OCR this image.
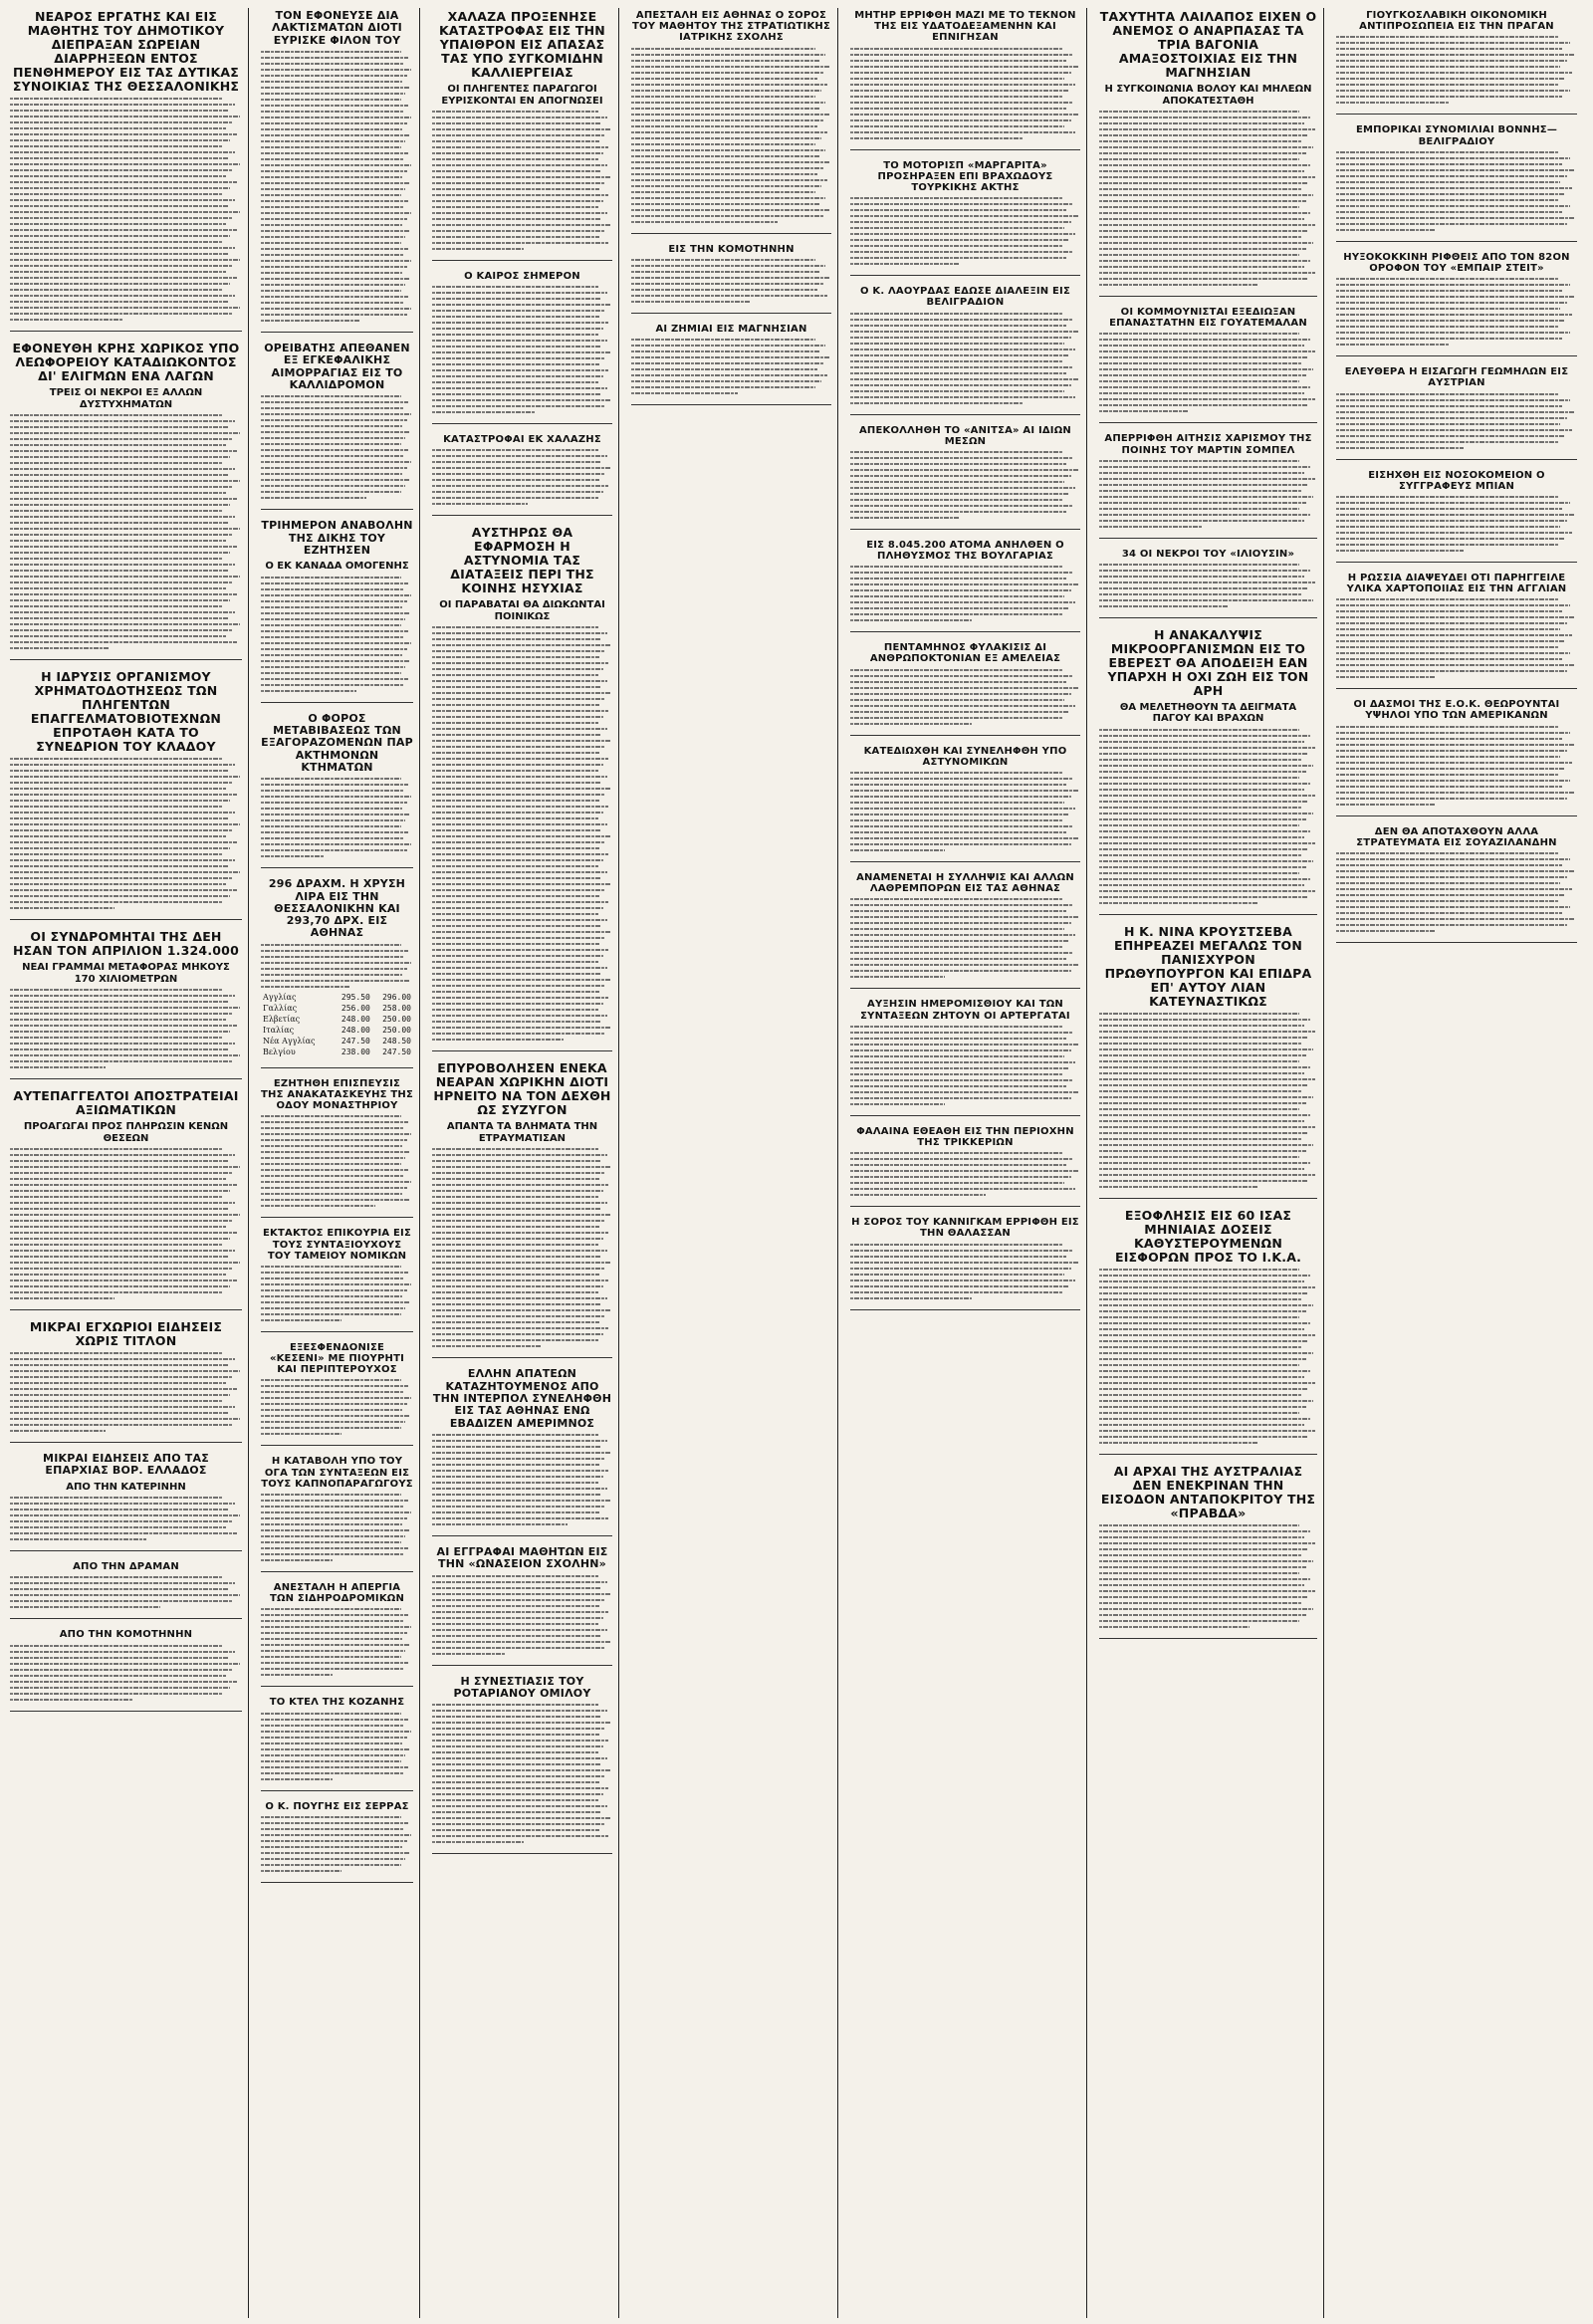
ΝΕΑΡΟΣ ΕΡΓΑΤΗΣ ΚΑΙ ΕΙΣ ΜΑΘΗΤΗΣ ΤΟΥ ΔΗΜΟΤΙΚΟΥ ΔΙΕΠΡΑΞΑΝ ΣΩΡΕΙΑΝ ΔΙΑΡΡΗΞΕΩΝ ΕΝΤΟΣ ΠΕΝΘΗΜΕΡΟΥ ΕΙΣ ΤΑΣ ΔΥΤΙΚΑΣ ΣΥΝΟΙΚΙΑΣ ΤΗΣ ΘΕΣΣΑΛΟΝΙΚΗΣ
ΕΦΟΝΕΥΘΗ ΚΡΗΣ ΧΩΡΙΚΟΣ ΥΠΟ ΛΕΩΦΟΡΕΙΟΥ ΚΑΤΑΔΙΩΚΟΝΤΟΣ ΔΙ' ΕΛΙΓΜΩΝ ΕΝΑ ΛΑΓΩΝ
ΤΡΕΙΣ ΟΙ ΝΕΚΡΟΙ ΕΞ ΑΛΛΩΝ ΔΥΣΤΥΧΗΜΑΤΩΝ
Η ΙΔΡΥΣΙΣ ΟΡΓΑΝΙΣΜΟΥ ΧΡΗΜΑΤΟΔΟΤΗΣΕΩΣ ΤΩΝ ΠΛΗΓΕΝΤΩΝ ΕΠΑΓΓΕΛΜΑΤΟΒΙΟΤΕΧΝΩΝ ΕΠΡΟΤΑΘΗ ΚΑΤΑ ΤΟ ΣΥΝΕΔΡΙΟΝ ΤΟΥ ΚΛΑΔΟΥ
ΟΙ ΣΥΝΔΡΟΜΗΤΑΙ ΤΗΣ ΔΕΗ ΗΣΑΝ ΤΟΝ ΑΠΡΙΛΙΟΝ 1.324.000
ΝΕΑΙ ΓΡΑΜΜΑΙ ΜΕΤΑΦΟΡΑΣ ΜΗΚΟΥΣ 170 ΧΙΛΙΟΜΕΤΡΩΝ
ΑΥΤΕΠΑΓΓΕΛΤΟΙ ΑΠΟΣΤΡΑΤΕΙΑΙ ΑΞΙΩΜΑΤΙΚΩΝ
ΠΡΟΑΓΩΓΑΙ ΠΡΟΣ ΠΛΗΡΩΣΙΝ ΚΕΝΩΝ ΘΕΣΕΩΝ
ΜΙΚΡΑΙ ΕΓΧΩΡΙΟΙ ΕΙΔΗΣΕΙΣ ΧΩΡΙΣ ΤΙΤΛΟΝ
ΜΙΚΡΑΙ ΕΙΔΗΣΕΙΣ ΑΠΟ ΤΑΣ ΕΠΑΡΧΙΑΣ ΒΟΡ. ΕΛΛΑΔΟΣ
ΑΠΟ ΤΗΝ ΚΑΤΕΡΙΝΗΝ
ΑΠΟ ΤΗΝ ΔΡΑΜΑΝ
ΑΠΟ ΤΗΝ ΚΟΜΟΤΗΝΗΝ
ΤΟΝ ΕΦΟΝΕΥΣΕ ΔΙΑ ΛΑΚΤΙΣΜΑΤΩΝ ΔΙΟΤΙ ΕΥΡΙΣΚΕ ΦΙΛΟΝ ΤΟΥ
ΟΡΕΙΒΑΤΗΣ ΑΠΕΘΑΝΕΝ ΕΞ ΕΓΚΕΦΑΛΙΚΗΣ ΑΙΜΟΡΡΑΓΙΑΣ ΕΙΣ ΤΟ ΚΑΛΛΙΔΡΟΜΟΝ
ΤΡΙΗΜΕΡΟΝ ΑΝΑΒΟΛΗΝ ΤΗΣ ΔΙΚΗΣ ΤΟΥ ΕΖΗΤΗΣΕΝ
Ο ΕΚ ΚΑΝΑΔΑ ΟΜΟΓΕΝΗΣ
Ο ΦΟΡΟΣ ΜΕΤΑΒΙΒΑΣΕΩΣ ΤΩΝ ΕΞΑΓΟΡΑΖΟΜΕΝΩΝ ΠΑΡ ΑΚΤΗΜΟΝΩΝ ΚΤΗΜΑΤΩΝ
296 ΔΡΑΧΜ. Η ΧΡΥΣΗ ΛΙΡΑ ΕΙΣ ΤΗΝ ΘΕΣΣΑΛΟΝΙΚΗΝ ΚΑΙ 293,70 ΔΡΧ. ΕΙΣ ΑΘΗΝΑΣ
Αγγλίας	295.50	296.00
Γαλλίας	256.00	258.00
Ελβετίας	248.00	250.00
Ιταλίας	248.00	250.00
Νέα Αγγλίας	247.50	248.50
Βελγίου	238.00	247.50
ΕΖΗΤΗΘΗ ΕΠΙΣΠΕΥΣΙΣ ΤΗΣ ΑΝΑΚΑΤΑΣΚΕΥΗΣ ΤΗΣ ΟΔΟΥ ΜΟΝΑΣΤΗΡΙΟΥ
ΕΚΤΑΚΤΟΣ ΕΠΙΚΟΥΡΙΑ ΕΙΣ ΤΟΥΣ ΣΥΝΤΑΞΙΟΥΧΟΥΣ ΤΟΥ ΤΑΜΕΙΟΥ ΝΟΜΙΚΩΝ
ΕΞΕΣΦΕΝΔΟΝΙΣΕ «ΚΕΣΕΝΙ» ΜΕ ΠΙΟΥΡΗΤΙ ΚΑΙ ΠΕΡΙΠΤΕΡΟΥΧΟΣ
Η ΚΑΤΑΒΟΛΗ ΥΠΟ ΤΟΥ ΟΓΑ ΤΩΝ ΣΥΝΤΑΞΕΩΝ ΕΙΣ ΤΟΥΣ ΚΑΠΝΟΠΑΡΑΓΩΓΟΥΣ
ΑΝΕΣΤΑΛΗ Η ΑΠΕΡΓΙΑ ΤΩΝ ΣΙΔΗΡΟΔΡΟΜΙΚΩΝ
ΤΟ ΚΤΕΛ ΤΗΣ ΚΟΖΑΝΗΣ
Ο Κ. ΠΟΥΓΗΣ ΕΙΣ ΣΕΡΡΑΣ
ΧΑΛΑΖΑ ΠΡΟΞΕΝΗΣΕ ΚΑΤΑΣΤΡΟΦΑΣ ΕΙΣ ΤΗΝ ΥΠΑΙΘΡΟΝ ΕΙΣ ΑΠΑΣΑΣ ΤΑΣ ΥΠΟ ΣΥΓΚΟΜΙΔΗΝ ΚΑΛΛΙΕΡΓΕΙΑΣ
ΟΙ ΠΛΗΓΕΝΤΕΣ ΠΑΡΑΓΩΓΟΙ ΕΥΡΙΣΚΟΝΤΑΙ ΕΝ ΑΠΟΓΝΩΣΕΙ
Ο ΚΑΙΡΟΣ ΣΗΜΕΡΟΝ
ΚΑΤΑΣΤΡΟΦΑΙ ΕΚ ΧΑΛΑΖΗΣ
ΑΥΣΤΗΡΩΣ ΘΑ ΕΦΑΡΜΟΣΗ Η ΑΣΤΥΝΟΜΙΑ ΤΑΣ ΔΙΑΤΑΞΕΙΣ ΠΕΡΙ ΤΗΣ ΚΟΙΝΗΣ ΗΣΥΧΙΑΣ
ΟΙ ΠΑΡΑΒΑΤΑΙ ΘΑ ΔΙΩΚΩΝΤΑΙ ΠΟΙΝΙΚΩΣ
ΕΠΥΡΟΒΟΛΗΣΕΝ ΕΝΕΚΑ ΝΕΑΡΑΝ ΧΩΡΙΚΗΝ ΔΙΟΤΙ ΗΡΝΕΙΤΟ ΝΑ ΤΟΝ ΔΕΧΘΗ ΩΣ ΣΥΖΥΓΟΝ
ΑΠΑΝΤΑ ΤΑ ΒΛΗΜΑΤΑ ΤΗΝ ΕΤΡΑΥΜΑΤΙΣΑΝ
ΕΛΛΗΝ ΑΠΑΤΕΩΝ ΚΑΤΑΖΗΤΟΥΜΕΝΟΣ ΑΠΟ ΤΗΝ ΙΝΤΕΡΠΟΛ ΣΥΝΕΛΗΦΘΗ ΕΙΣ ΤΑΣ ΑΘΗΝΑΣ ΕΝΩ ΕΒΑΔΙΖΕΝ ΑΜΕΡΙΜΝΟΣ
ΑΙ ΕΓΓΡΑΦΑΙ ΜΑΘΗΤΩΝ ΕΙΣ ΤΗΝ «ΩΝΑΣΕΙΟΝ ΣΧΟΛΗΝ»
Η ΣΥΝΕΣΤΙΑΣΙΣ ΤΟΥ ΡΟΤΑΡΙΑΝΟΥ ΟΜΙΛΟΥ
ΑΠΕΣΤΑΛΗ ΕΙΣ ΑΘΗΝΑΣ Ο ΣΟΡΟΣ ΤΟΥ ΜΑΘΗΤΟΥ ΤΗΣ ΣΤΡΑΤΙΩΤΙΚΗΣ ΙΑΤΡΙΚΗΣ ΣΧΟΛΗΣ
ΕΙΣ ΤΗΝ ΚΟΜΟΤΗΝΗΝ
ΑΙ ΖΗΜΙΑΙ ΕΙΣ ΜΑΓΝΗΣΙΑΝ
ΜΗΤΗΡ ΕΡΡΙΦΘΗ ΜΑΖΙ ΜΕ ΤΟ ΤΕΚΝΟΝ ΤΗΣ ΕΙΣ ΥΔΑΤΟΔΕΞΑΜΕΝΗΝ ΚΑΙ ΕΠΝΙΓΗΣΑΝ
ΤΟ ΜΟΤΟΡΙΣΠ «ΜΑΡΓΑΡΙΤΑ» ΠΡΟΣΗΡΑΞΕΝ ΕΠΙ ΒΡΑΧΩΔΟΥΣ ΤΟΥΡΚΙΚΗΣ ΑΚΤΗΣ
Ο Κ. ΛΑΟΥΡΔΑΣ ΕΔΩΣΕ ΔΙΑΛΕΞΙΝ ΕΙΣ ΒΕΛΙΓΡΑΔΙΟΝ
ΑΠΕΚΟΛΛΗΘΗ ΤΟ «ΑΝΙΤΣΑ» ΑΙ ΙΔΙΩΝ ΜΕΣΩΝ
ΕΙΣ 8.045.200 ΑΤΟΜΑ ΑΝΗΛΘΕΝ Ο ΠΛΗΘΥΣΜΟΣ ΤΗΣ ΒΟΥΛΓΑΡΙΑΣ
ΠΕΝΤΑΜΗΝΟΣ ΦΥΛΑΚΙΣΙΣ ΔΙ ΑΝΘΡΩΠΟΚΤΟΝΙΑΝ ΕΞ ΑΜΕΛΕΙΑΣ
ΚΑΤΕΔΙΩΧΘΗ ΚΑΙ ΣΥΝΕΛΗΦΘΗ ΥΠΟ ΑΣΤΥΝΟΜΙΚΩΝ
ΑΝΑΜΕΝΕΤΑΙ Η ΣΥΛΛΗΨΙΣ ΚΑΙ ΑΛΛΩΝ ΛΑΘΡΕΜΠΟΡΩΝ ΕΙΣ ΤΑΣ ΑΘΗΝΑΣ
ΑΥΞΗΣΙΝ ΗΜΕΡΟΜΙΣΘΙΟΥ ΚΑΙ ΤΩΝ ΣΥΝΤΑΞΕΩΝ ΖΗΤΟΥΝ ΟΙ ΑΡΤΕΡΓΑΤΑΙ
ΦΑΛΑΙΝΑ ΕΘΕΑΘΗ ΕΙΣ ΤΗΝ ΠΕΡΙΟΧΗΝ ΤΗΣ ΤΡΙΚΚΕΡΙΩΝ
Η ΣΟΡΟΣ ΤΟΥ ΚΑΝΝΙΓΚΑΜ ΕΡΡΙΦΘΗ ΕΙΣ ΤΗΝ ΘΑΛΑΣΣΑΝ
ΤΑΧΥΤΗΤΑ ΛΑΙΛΑΠΟΣ ΕΙΧΕΝ Ο ΑΝΕΜΟΣ Ο ΑΝΑΡΠΑΣΑΣ ΤΑ ΤΡΙΑ ΒΑΓΟΝΙΑ ΑΜΑΞΟΣΤΟΙΧΙΑΣ ΕΙΣ ΤΗΝ ΜΑΓΝΗΣΙΑΝ
Η ΣΥΓΚΟΙΝΩΝΙΑ ΒΟΛΟΥ ΚΑΙ ΜΗΛΕΩΝ ΑΠΟΚΑΤΕΣΤΑΘΗ
ΟΙ ΚΟΜΜΟΥΝΙΣΤΑΙ ΕΞΕΔΙΩΞΑΝ ΕΠΑΝΑΣΤΑΤΗΝ ΕΙΣ ΓΟΥΑΤΕΜΑΛΑΝ
ΑΠΕΡΡΙΦΘΗ ΑΙΤΗΣΙΣ ΧΑΡΙΣΜΟΥ ΤΗΣ ΠΟΙΝΗΣ ΤΟΥ ΜΑΡΤΙΝ ΣΟΜΠΕΛ
34 ΟΙ ΝΕΚΡΟΙ ΤΟΥ «ΙΛΙΟΥΣΙΝ»
Η ΑΝΑΚΑΛΥΨΙΣ ΜΙΚΡΟΟΡΓΑΝΙΣΜΩΝ ΕΙΣ ΤΟ ΕΒΕΡΕΣΤ ΘΑ ΑΠΟΔΕΙΞΗ ΕΑΝ ΥΠΑΡΧΗ Η ΟΧΙ ΖΩΗ ΕΙΣ ΤΟΝ ΑΡΗ
ΘΑ ΜΕΛΕΤΗΘΟΥΝ ΤΑ ΔΕΙΓΜΑΤΑ ΠΑΓΟΥ ΚΑΙ ΒΡΑΧΩΝ
Η Κ. ΝΙΝΑ ΚΡΟΥΣΤΣΕΒΑ ΕΠΗΡΕΑΖΕΙ ΜΕΓΑΛΩΣ ΤΟΝ ΠΑΝΙΣΧΥΡΟΝ ΠΡΩΘΥΠΟΥΡΓΟΝ ΚΑΙ ΕΠΙΔΡΑ ΕΠ' ΑΥΤΟΥ ΛΙΑΝ ΚΑΤΕΥΝΑΣΤΙΚΩΣ
ΕΞΟΦΛΗΣΙΣ ΕΙΣ 60 ΙΣΑΣ ΜΗΝΙΑΙΑΣ ΔΟΣΕΙΣ ΚΑΘΥΣΤΕΡΟΥΜΕΝΩΝ ΕΙΣΦΟΡΩΝ ΠΡΟΣ ΤΟ Ι.Κ.Α.
ΑΙ ΑΡΧΑΙ ΤΗΣ ΑΥΣΤΡΑΛΙΑΣ ΔΕΝ ΕΝΕΚΡΙΝΑΝ ΤΗΝ ΕΙΣΟΔΟΝ ΑΝΤΑΠΟΚΡΙΤΟΥ ΤΗΣ «ΠΡΑΒΔΑ»
ΓΙΟΥΓΚΟΣΛΑΒΙΚΗ ΟΙΚΟΝΟΜΙΚΗ ΑΝΤΙΠΡΟΣΩΠΕΙΑ ΕΙΣ ΤΗΝ ΠΡΑΓΑΝ
ΕΜΠΟΡΙΚΑΙ ΣΥΝΟΜΙΛΙΑΙ ΒΟΝΝΗΣ—ΒΕΛΙΓΡΑΔΙΟΥ
ΗΥΞΟΚΟΚΚΙΝΗ ΡΙΦΘΕΙΣ ΑΠΟ ΤΟΝ 82ΟΝ ΟΡΟΦΟΝ ΤΟΥ «ΕΜΠΑΙΡ ΣΤΕΙΤ»
ΕΛΕΥΘΕΡΑ Η ΕΙΣΑΓΩΓΗ ΓΕΩΜΗΛΩΝ ΕΙΣ ΑΥΣΤΡΙΑΝ
ΕΙΣΗΧΘΗ ΕΙΣ ΝΟΣΟΚΟΜΕΙΟΝ Ο ΣΥΓΓΡΑΦΕΥΣ ΜΠΙΑΝ
Η ΡΩΣΣΙΑ ΔΙΑΨΕΥΔΕΙ ΟΤΙ ΠΑΡΗΓΓΕΙΛΕ ΥΛΙΚΑ ΧΑΡΤΟΠΟΙΙΑΣ ΕΙΣ ΤΗΝ ΑΓΓΛΙΑΝ
ΟΙ ΔΑΣΜΟΙ ΤΗΣ Ε.Ο.Κ. ΘΕΩΡΟΥΝΤΑΙ ΥΨΗΛΟΙ ΥΠΟ ΤΩΝ ΑΜΕΡΙΚΑΝΩΝ
ΔΕΝ ΘΑ ΑΠΟΤΑΧΘΟΥΝ ΑΛΛΑ ΣΤΡΑΤΕΥΜΑΤΑ ΕΙΣ ΣΟΥΑΖΙΛΑΝΔΗΝ
